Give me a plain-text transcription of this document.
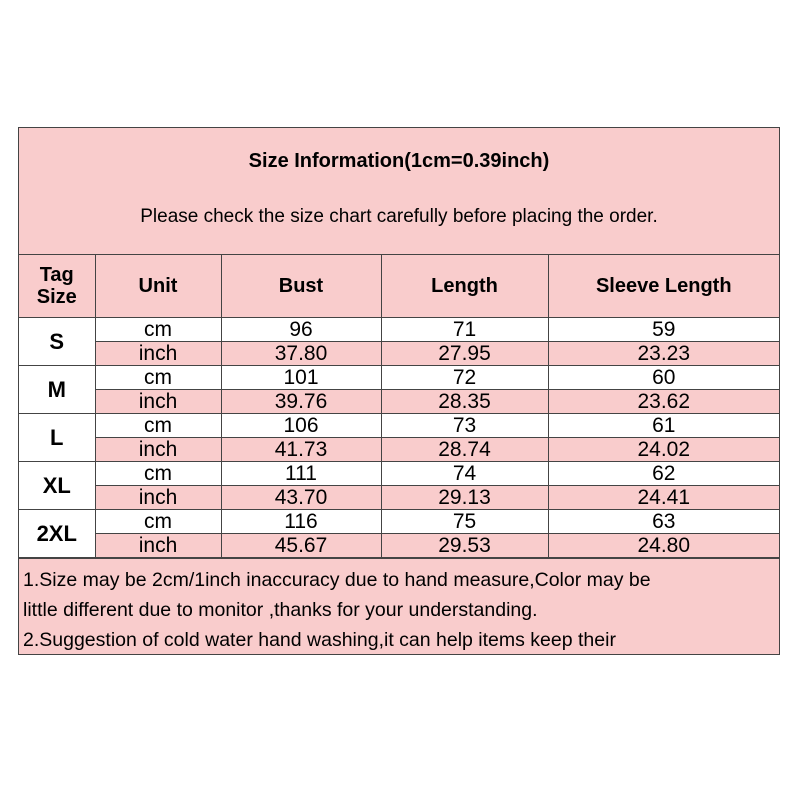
Size Information(1cm=0.39inch)
Please check the size chart carefully before placing the order.
Tag
Size	Unit	Bust	Length	Sleeve Length
S	cm	96	71	59
	inch	37.80	27.95	23.23
M	cm	101	72	60
	inch	39.76	28.35	23.62
L	cm	106	73	61
	inch	41.73	28.74	24.02
XL	cm	111	74	62
	inch	43.70	29.13	24.41
2XL	cm	116	75	63
	inch	45.67	29.53	24.80
1.Size may be 2cm/1inch inaccuracy due to hand measure,Color may be
little different due to monitor ,thanks for your understanding.
2.Suggestion of cold water hand washing,it can help items keep their
